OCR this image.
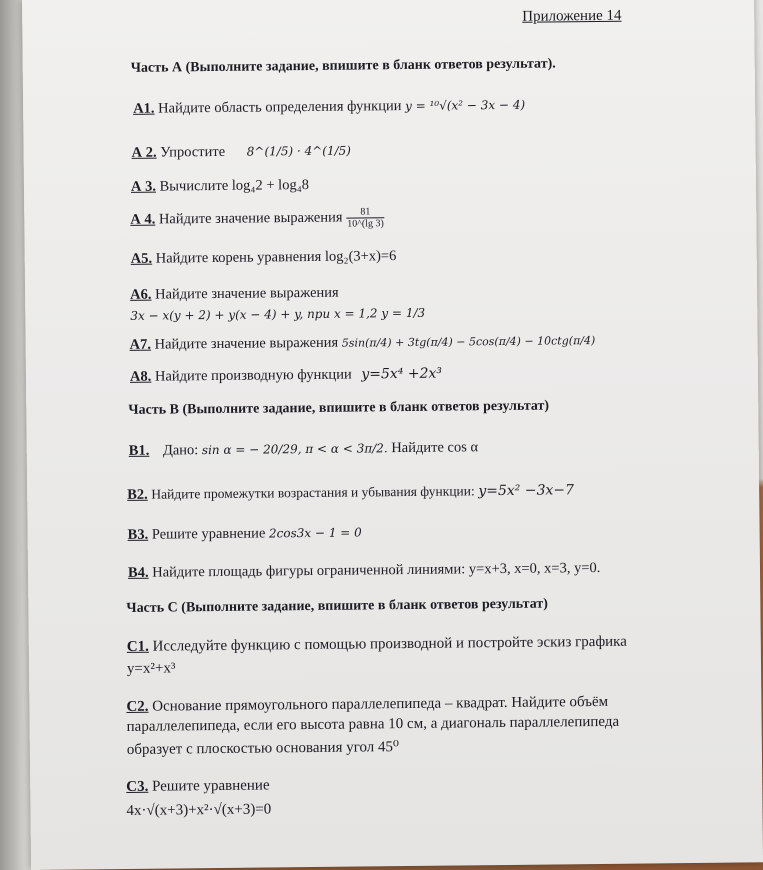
Приложение 14
Часть А (Выполните задание, впишите в бланк ответов результат).
А1. Найдите область определения функции y = ¹⁰√(x² − 3x − 4)
А 2. Упростите 8^(1/5) · 4^(1/5)
А 3. Вычислите log₄2 + log₄8
А 4. Найдите значение выражения $\frac{81}{10\^{}(\lg 3)}$
А5. Найдите корень уравнения log₂(3+x)=6
А6. Найдите значение выражения
3x − x(y + 2) + y(x − 4) + y, при x = 1,2 y = 1/3
А7. Найдите значение выражения 5sin(π/4) + 3tg(π/4) − 5cos(π/4) − 10ctg(π/4)
А8. Найдите производную функции y=5x⁴ +2x³
Часть В (Выполните задание, впишите в бланк ответов результат)
В1. Дано: sin α = − 20/29, π < α < 3π/2. Найдите cos α
В2. Найдите промежутки возрастания и убывания функции: y=5x² −3x−7
В3. Решите уравнение 2cos3x − 1 = 0
В4. Найдите площадь фигуры ограниченной линиями: y=x+3, x=0, x=3, y=0.
Часть С (Выполните задание, впишите в бланк ответов результат)
С1. Исследуйте функцию с помощью производной и постройте эскиз графика
y=x²+x³
С2. Основание прямоугольного параллелепипеда – квадрат. Найдите объём
параллелепипеда, если его высота равна 10 см, а диагональ параллелепипеда
образует с плоскостью основания угол 45⁰
С3. Решите уравнение
4x·√(x+3)+x²·√(x+3)=0
